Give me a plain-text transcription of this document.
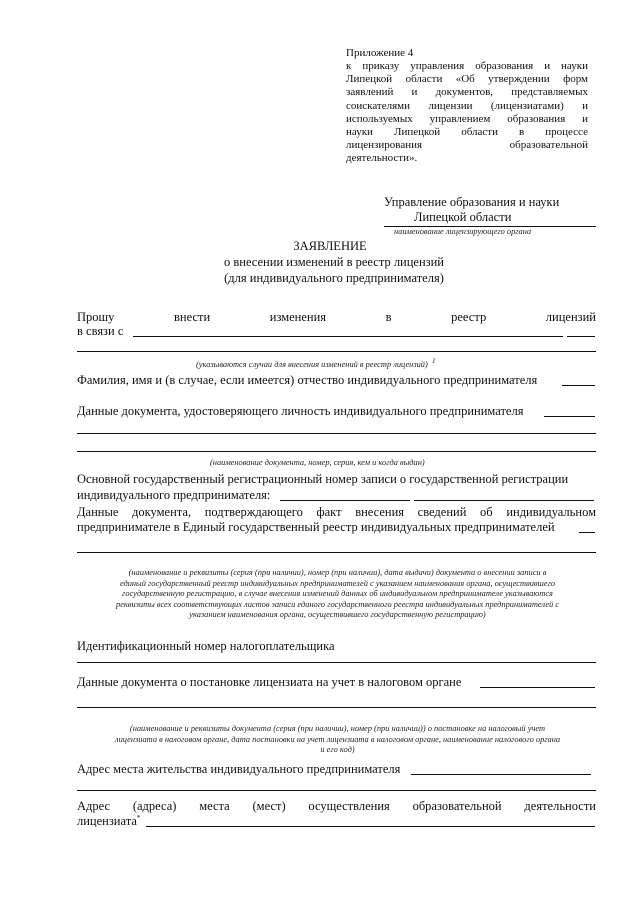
Приложение 4
к приказу управления образования и науки
Липецкой области «Об утверждении форм
заявлений и документов, представляемых
соискателями лицензии (лицензиатами) и
используемых управлением образования и
науки Липецкой области в процессе
лицензирования	образовательной
деятельности».
Управление образования и науки
Липецкой области
наименование лицензирующего органа
ЗАЯВЛЕНИЕ
о внесении изменений в реестр лицензий
(для индивидуального предпринимателя)
Прошу	внести	изменения	в	реестр	лицензий
в связи с
(указываются случаи для внесения изменений в реестр лицензий) $^1$
Фамилия, имя и (в случае, если имеется) отчество индивидуального предпринимателя
Данные документа, удостоверяющего личность индивидуального предпринимателя
(наименование документа, номер, серия, кем и когда выдан)
Основной государственный регистрационный номер записи о государственной регистрации
индивидуального предпринимателя:
Данные документа, подтверждающего факт внесения сведений об индивидуальном
предпринимателе в Единый государственный реестр индивидуальных предпринимателей
(наименование и реквизиты (серия (при наличии), номер (при наличии), дата выдачи) документа о внесении записи в
единый государственный реестр индивидуальных предпринимателей с указанием наименования органа, осуществившего
государственную регистрацию, в случае внесения изменений данных об индивидуальном предпринимателе указываются
реквизиты всех соответствующих листов записи единого государственного реестра индивидуальных предпринимателей с
указанием наименования органа, осуществившего государственную регистрацию)
Идентификационный номер налогоплательщика
Данные документа о постановке лицензиата на учет в налоговом органе
(наименование и реквизиты документа (серия (при наличии), номер (при наличии)) о постановке на налоговый учет
лицензиата в налоговом органе, дата постановки на учет лицензиата в налоговом органе, наименование налогового органа
и его код)
Адрес места жительства индивидуального предпринимателя
Адрес (адреса) места (мест) осуществления образовательной деятельности
лицензиата*
